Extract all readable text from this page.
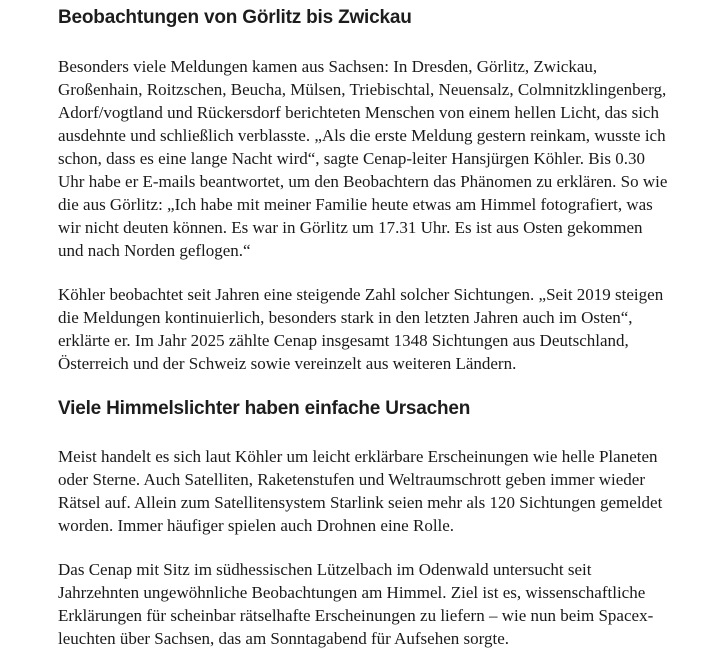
Beobachtungen von Görlitz bis Zwickau

Besonders viele Meldungen kamen aus Sachsen: In Dresden, Görlitz, Zwickau, Großenhain, Roitzschen, Beucha, Mülsen, Triebischtal, Neuensalz, Colmnitzklingenberg, Adorf/vogtland und Rückersdorf berichteten Menschen von einem hellen Licht, das sich ausdehnte und schließlich verblasste. „Als die erste Meldung gestern reinkam, wusste ich schon, dass es eine lange Nacht wird“, sagte Cenap-leiter Hansjürgen Köhler. Bis 0.30 Uhr habe er E-mails beantwortet, um den Beobachtern das Phänomen zu erklären. So wie die aus Görlitz: „Ich habe mit meiner Familie heute etwas am Himmel fotografiert, was wir nicht deuten können. Es war in Görlitz um 17.31 Uhr. Es ist aus Osten gekommen und nach Norden geflogen.“

Köhler beobachtet seit Jahren eine steigende Zahl solcher Sichtungen. „Seit 2019 steigen die Meldungen kontinuierlich, besonders stark in den letzten Jahren auch im Osten“, erklärte er. Im Jahr 2025 zählte Cenap insgesamt 1348 Sichtungen aus Deutschland, Österreich und der Schweiz sowie vereinzelt aus weiteren Ländern.

Viele Himmelslichter haben einfache Ursachen

Meist handelt es sich laut Köhler um leicht erklärbare Erscheinungen wie helle Planeten oder Sterne. Auch Satelliten, Raketenstufen und Weltraumschrott geben immer wieder Rätsel auf. Allein zum Satellitensystem Starlink seien mehr als 120 Sichtungen gemeldet worden. Immer häufiger spielen auch Drohnen eine Rolle.

Das Cenap mit Sitz im südhessischen Lützelbach im Odenwald untersucht seit Jahrzehnten ungewöhnliche Beobachtungen am Himmel. Ziel ist es, wissenschaftliche Erklärungen für scheinbar rätselhafte Erscheinungen zu liefern – wie nun beim Spacex-leuchten über Sachsen, das am Sonntagabend für Aufsehen sorgte.
